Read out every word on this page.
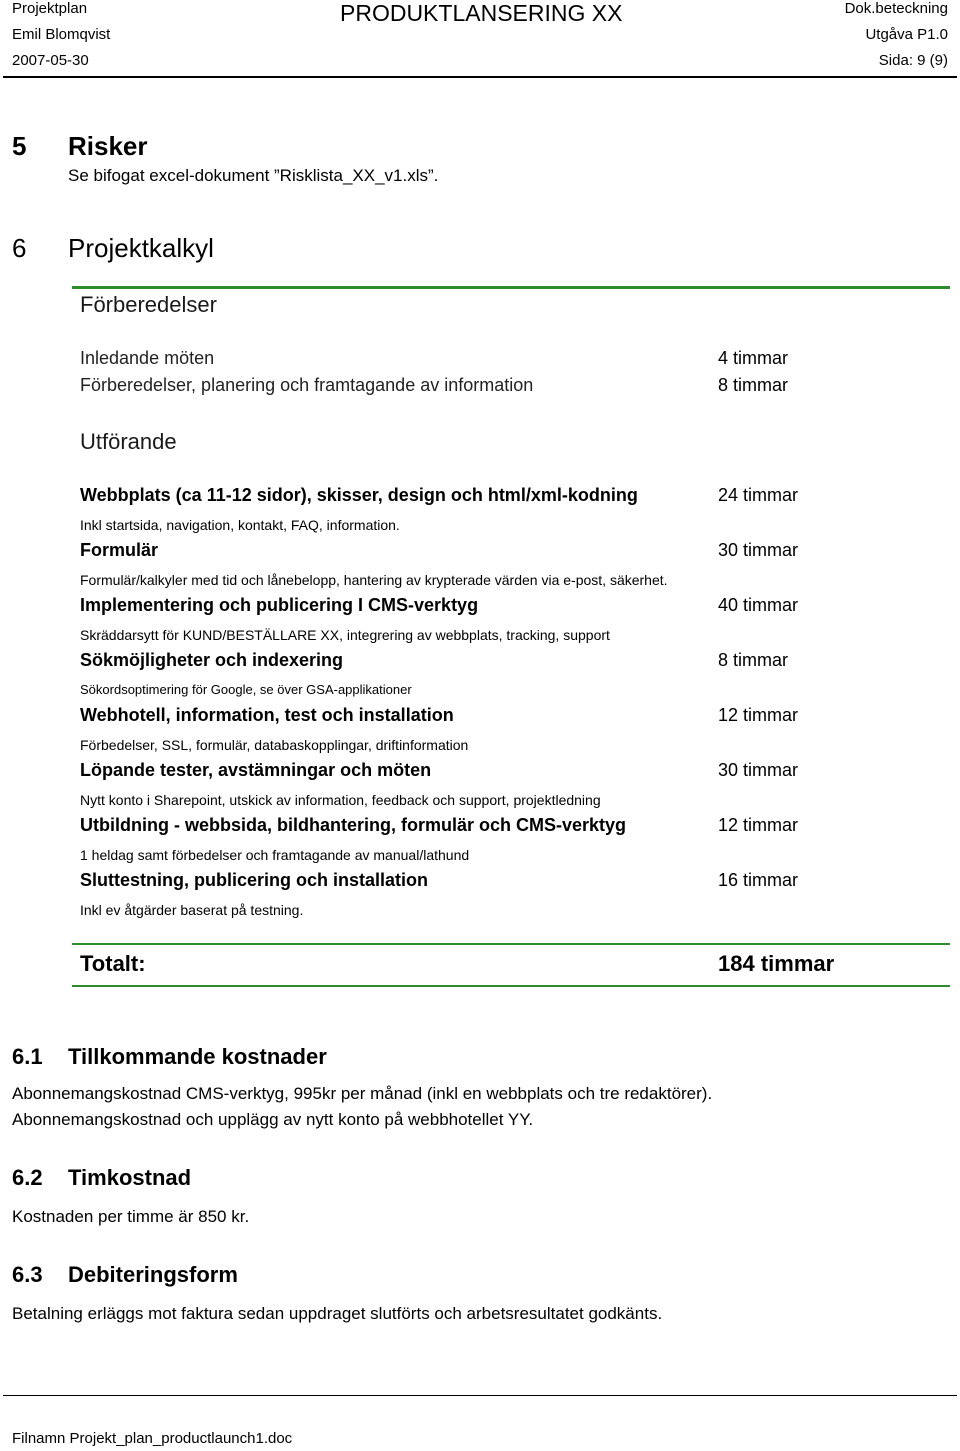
Projektplan
Emil Blomqvist
2007-05-30
PRODUKTLANSERING XX	Dok.beteckning
Utgåva P1.0
Sida: 9 (9)
5 Risker
Se bifogat excel-dokument ”Risklista_XX_v1.xls”.
6 Projektkalkyl
Förberedelser
Inledande möten	4 timmar
Förberedelser, planering och framtagande av information	8 timmar
Utförande
Webbplats (ca 11-12 sidor), skisser, design och html/xml-kodning	24 timmar
Inkl startsida, navigation, kontakt, FAQ, information.
Formulär	30 timmar
Formulär/kalkyler med tid och lånebelopp, hantering av krypterade värden via e-post, säkerhet.
Implementering och publicering I CMS-verktyg	40 timmar
Skräddarsytt för KUND/BESTÄLLARE XX, integrering av webbplats, tracking, support
Sökmöjligheter och indexering	8 timmar
Sökordsoptimering för Google, se över GSA-applikationer
Webhotell, information, test och installation	12 timmar
Förbedelser, SSL, formulär, databaskopplingar, driftinformation
Löpande tester, avstämningar och möten	30 timmar
Nytt konto i Sharepoint, utskick av information, feedback och support, projektledning
Utbildning - webbsida, bildhantering, formulär och CMS-verktyg	12 timmar
1 heldag samt förbedelser och framtagande av manual/lathund
Sluttestning, publicering och installation	16 timmar
Inkl ev åtgärder baserat på testning.
Totalt:	184 timmar
6.1 Tillkommande kostnader
Abonnemangskostnad CMS-verktyg, 995kr per månad (inkl en webbplats och tre redaktörer).
Abonnemangskostnad och upplägg av nytt konto på webbhotellet YY.
6.2 Timkostnad
Kostnaden per timme är 850 kr.
6.3 Debiteringsform
Betalning erläggs mot faktura sedan uppdraget slutförts och arbetsresultatet godkänts.
Filnamn Projekt_plan_productlaunch1.doc
